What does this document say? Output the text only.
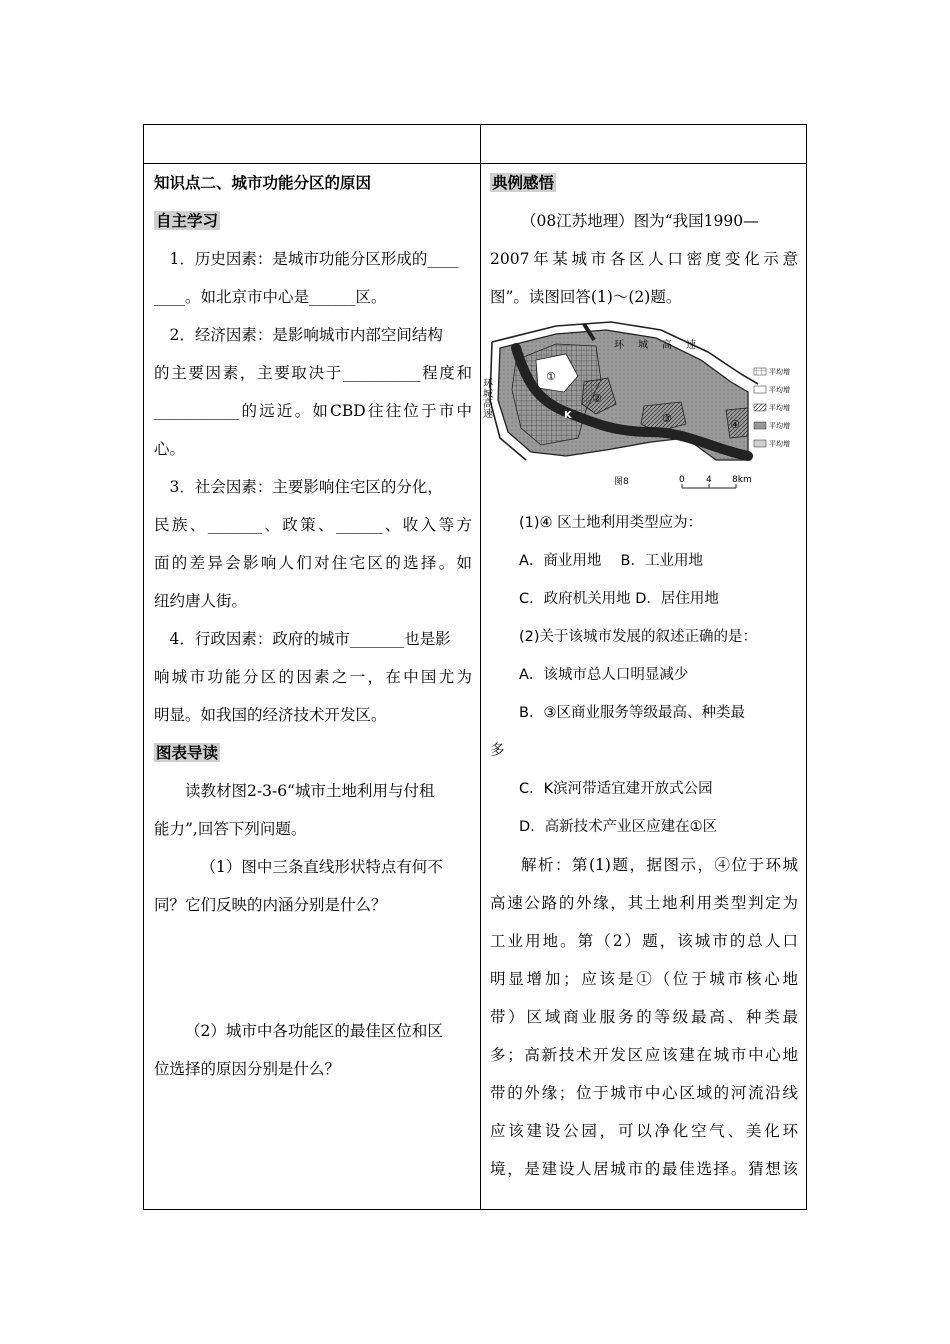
知识点二、城市功能分区的原因

自主学习

1．历史因素：是城市功能分区形成的____

____。如北京市中心是______区。

2．经济因素：是影响城市内部空间结构

的主要因素，主要取决于__________程度和

___________的远近。如CBD往往位于市中

心。

3．社会因素：主要影响住宅区的分化，

民族、_______、政策、______、收入等方

面的差异会影响人们对住宅区的选择。如

纽约唐人街。

4．行政因素：政府的城市_______也是影

响城市功能分区的因素之一，在中国尤为

明显。如我国的经济技术开发区。

图表导读

读教材图2-3-6“城市土地利用与付租

能力”,回答下列问题。

（1）图中三条直线形状特点有何不

同？它们反映的内涵分别是什么？

（2）城市中各功能区的最佳区位和区

位选择的原因分别是什么？

典例感悟

（08江苏地理）图为“我国1990—

2007年某城市各区人口密度变化示意

图”。读图回答(1)～(2)题。

①
②
③	④
K
环城高速
环城高速
平均增
平均增
平均增
平均增
平均增
图8	0 4 8km

(1)④ 区土地利用类型应为：

A．商业用地　 B．工业用地

C．政府机关用地 D．居住用地

(2)关于该城市发展的叙述正确的是：

A．该城市总人口明显减少

B．③区商业服务等级最高、种类最

多

C．K滨河带适宜建开放式公园

D．高新技术产业区应建在①区

解析：第(1)题，据图示，④位于环城

高速公路的外缘，其土地利用类型判定为

工业用地。第（2）题，该城市的总人口

明显增加；应该是①（位于城市核心地

带）区域商业服务的等级最高、种类最

多；高新技术开发区应该建在城市中心地

带的外缘；位于城市中心区域的河流沿线

应该建设公园，可以净化空气、美化环

境，是建设人居城市的最佳选择。猜想该
